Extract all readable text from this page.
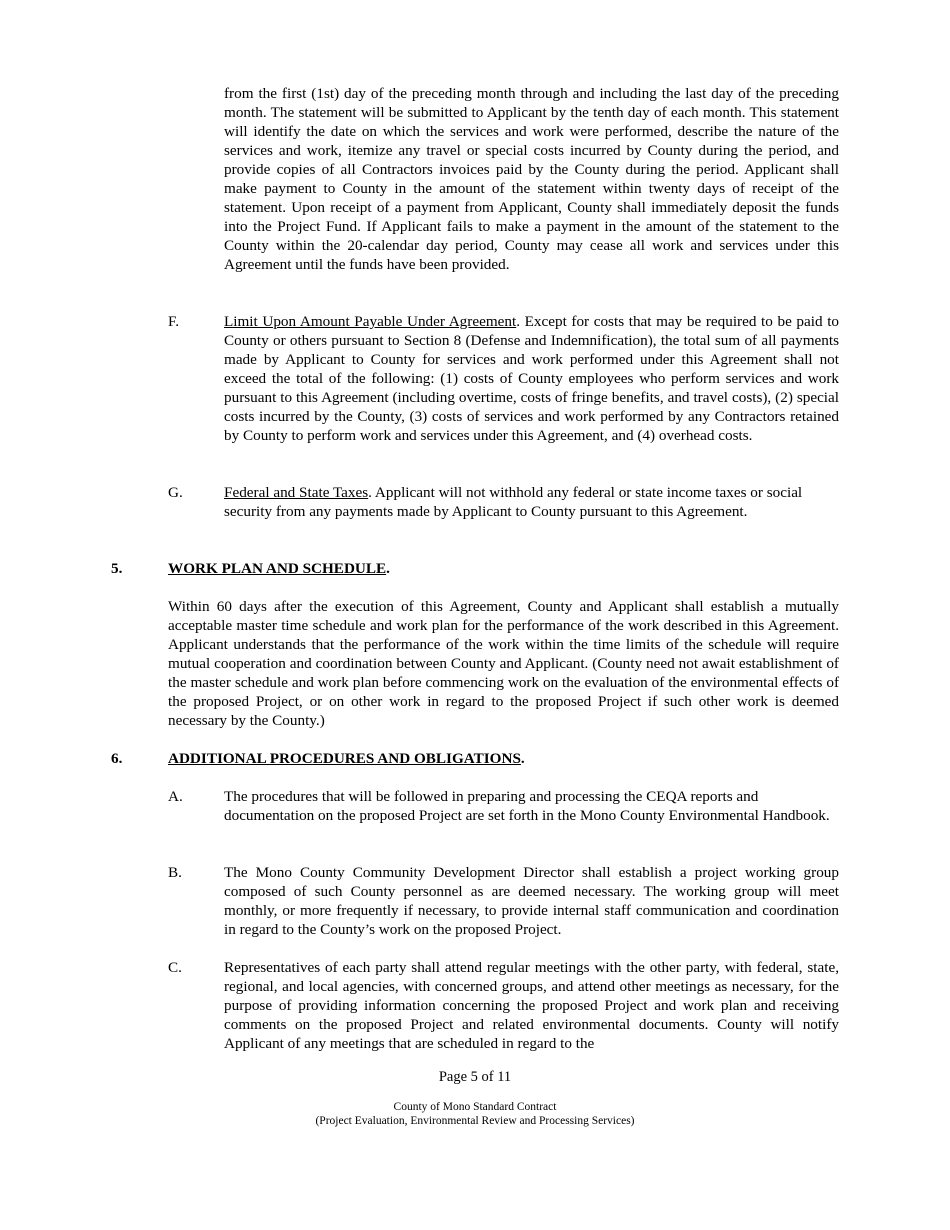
from the first (1st) day of the preceding month through and including the last day of the preceding month. The statement will be submitted to Applicant by the tenth day of each month. This statement will identify the date on which the services and work were performed, describe the nature of the services and work, itemize any travel or special costs incurred by County during the period, and provide copies of all Contractors invoices paid by the County during the period. Applicant shall make payment to County in the amount of the statement within twenty days of receipt of the statement. Upon receipt of a payment from Applicant, County shall immediately deposit the funds into the Project Fund. If Applicant fails to make a payment in the amount of the statement to the County within the 20-calendar day period, County may cease all work and services under this Agreement until the funds have been provided.

F.	Limit Upon Amount Payable Under Agreement. Except for costs that may be required to be paid to County or others pursuant to Section 8 (Defense and Indemnification), the total sum of all payments made by Applicant to County for services and work performed under this Agreement shall not exceed the total of the following: (1) costs of County employees who perform services and work pursuant to this Agreement (including overtime, costs of fringe benefits, and travel costs), (2) special costs incurred by the County, (3) costs of services and work performed by any Contractors retained by County to perform work and services under this Agreement, and (4) overhead costs.

G.	Federal and State Taxes. Applicant will not withhold any federal or state income taxes or social security from any payments made by Applicant to County pursuant to this Agreement.

5.	WORK PLAN AND SCHEDULE.

Within 60 days after the execution of this Agreement, County and Applicant shall establish a mutually acceptable master time schedule and work plan for the performance of the work described in this Agreement. Applicant understands that the performance of the work within the time limits of the schedule will require mutual cooperation and coordination between County and Applicant. (County need not await establishment of the master schedule and work plan before commencing work on the evaluation of the environmental effects of the proposed Project, or on other work in regard to the proposed Project if such other work is deemed necessary by the County.)

6.	ADDITIONAL PROCEDURES AND OBLIGATIONS.

A.	The procedures that will be followed in preparing and processing the CEQA reports and documentation on the proposed Project are set forth in the Mono County Environmental Handbook.

B.	The Mono County Community Development Director shall establish a project working group composed of such County personnel as are deemed necessary. The working group will meet monthly, or more frequently if necessary, to provide internal staff communication and coordination in regard to the County’s work on the proposed Project.

C.	Representatives of each party shall attend regular meetings with the other party, with federal, state, regional, and local agencies, with concerned groups, and attend other meetings as necessary, for the purpose of providing information concerning the proposed Project and work plan and receiving comments on the proposed Project and related environmental documents. County will notify Applicant of any meetings that are scheduled in regard to the

Page 5 of 11

County of Mono Standard Contract

(Project Evaluation, Environmental Review and Processing Services)
